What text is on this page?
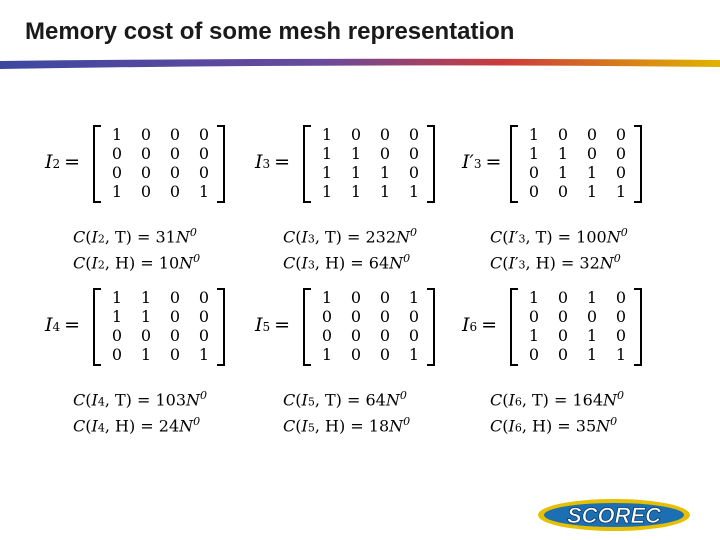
Memory cost of some mesh representation
I2 =
1	0	0	0
0	0	0	0
0	0	0	0
1	0	0	1
C(I2, $T) = 31N^0$
C(I2, $H) = 10N^0$
I3 =
1	0	0	0
1	1	0	0
1	1	1	0
1	1	1	1
C(I3, $T) = 232N^0$
C(I3, $H) = 64N^0$
I′3 =
1	0	0	0
1	1	0	0
0	1	1	0
0	0	1	1
C(I′3, $T) = 100N^0$
C(I′3, $H) = 32N^0$
I4 =
1	1	0	0
1	1	0	0
0	0	0	0
0	1	0	1
C(I4, $T) = 103N^0$
C(I4, $H) = 24N^0$
I5 =
1	0	0	1
0	0	0	0
0	0	0	0
1	0	0	1
C(I5, $T) = 64N^0$
C(I5, $H) = 18N^0$
I6 =
1	0	1	0
0	0	0	0
1	0	1	0
0	0	1	1
C(I6, $T) = 164N^0$
C(I6, $H) = 35N^0$
SCOREC
